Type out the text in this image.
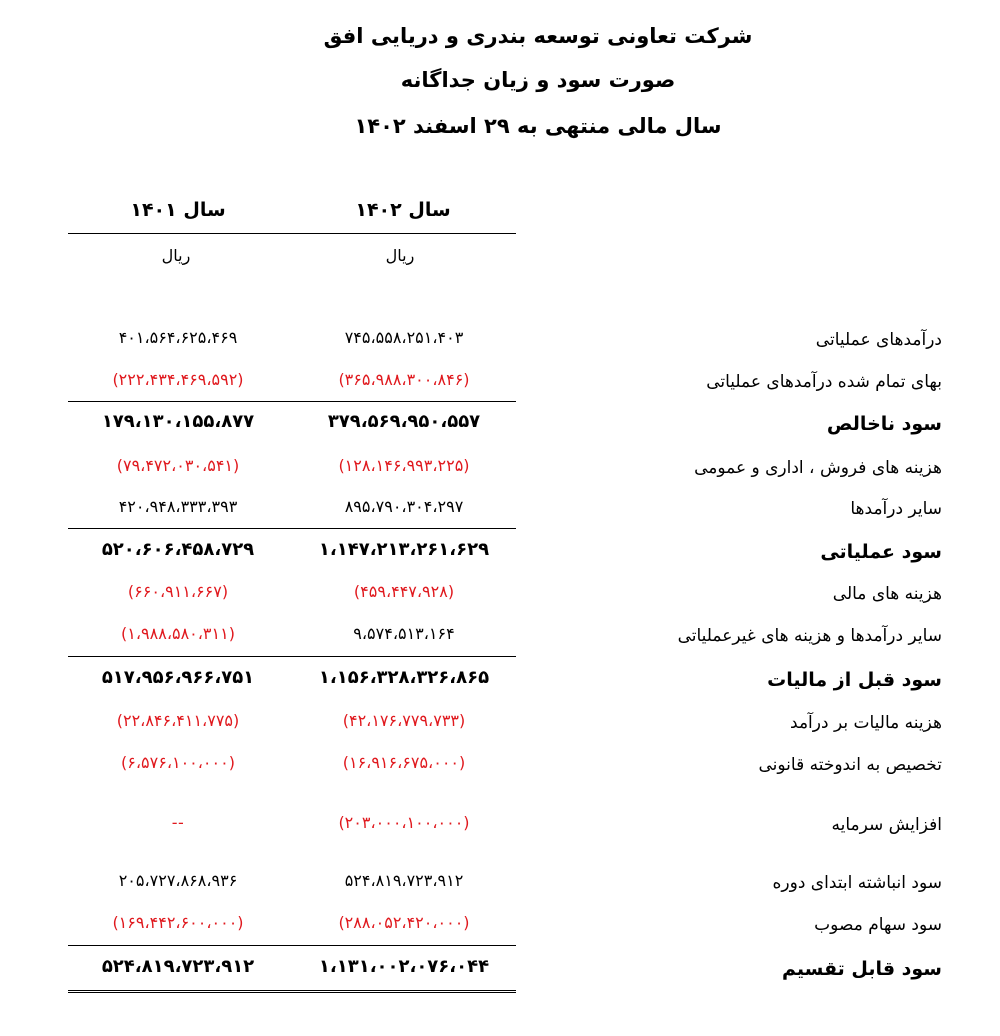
شرکت تعاونی توسعه بندری و دریایی افق
صورت سود و زیان جداگانه
سال مالی منتهی به ۲۹ اسفند ۱۴۰۲
سال ۱۴۰۲
سال ۱۴۰۱
ریال
ریال
درآمدهای عملیاتی
۷۴۵،۵۵۸،۲۵۱،۴۰۳
۴۰۱،۵۶۴،۶۲۵،۴۶۹
بهای تمام شده درآمدهای عملیاتی
(۳۶۵،۹۸۸،۳۰۰،۸۴۶)
(۲۲۲،۴۳۴،۴۶۹،۵۹۲)
سود ناخالص
۳۷۹،۵۶۹،۹۵۰،۵۵۷
۱۷۹،۱۳۰،۱۵۵،۸۷۷
هزینه های فروش ، اداری و عمومی
(۱۲۸،۱۴۶،۹۹۳،۲۲۵)
(۷۹،۴۷۲،۰۳۰،۵۴۱)
سایر درآمدها
۸۹۵،۷۹۰،۳۰۴،۲۹۷
۴۲۰،۹۴۸،۳۳۳،۳۹۳
سود عملیاتی
۱،۱۴۷،۲۱۳،۲۶۱،۶۲۹
۵۲۰،۶۰۶،۴۵۸،۷۲۹
هزینه های مالی
(۴۵۹،۴۴۷،۹۲۸)
(۶۶۰،۹۱۱،۶۶۷)
سایر درآمدها و هزینه های غیرعملیاتی
۹،۵۷۴،۵۱۳،۱۶۴
(۱،۹۸۸،۵۸۰،۳۱۱)
سود قبل از مالیات
۱،۱۵۶،۳۲۸،۳۲۶،۸۶۵
۵۱۷،۹۵۶،۹۶۶،۷۵۱
هزینه مالیات بر درآمد
(۴۲،۱۷۶،۷۷۹،۷۳۳)
(۲۲،۸۴۶،۴۱۱،۷۷۵)
تخصیص به اندوخته قانونی
(۱۶،۹۱۶،۶۷۵،۰۰۰)
(۶،۵۷۶،۱۰۰،۰۰۰)
افزایش سرمایه
(۲۰۳،۰۰۰،۱۰۰،۰۰۰)
--
سود انباشته ابتدای دوره
۵۲۴،۸۱۹،۷۲۳،۹۱۲
۲۰۵،۷۲۷،۸۶۸،۹۳۶
سود سهام مصوب
(۲۸۸،۰۵۲،۴۲۰،۰۰۰)
(۱۶۹،۴۴۲،۶۰۰،۰۰۰)
سود قابل تقسیم
۱،۱۳۱،۰۰۲،۰۷۶،۰۴۴
۵۲۴،۸۱۹،۷۲۳،۹۱۲
